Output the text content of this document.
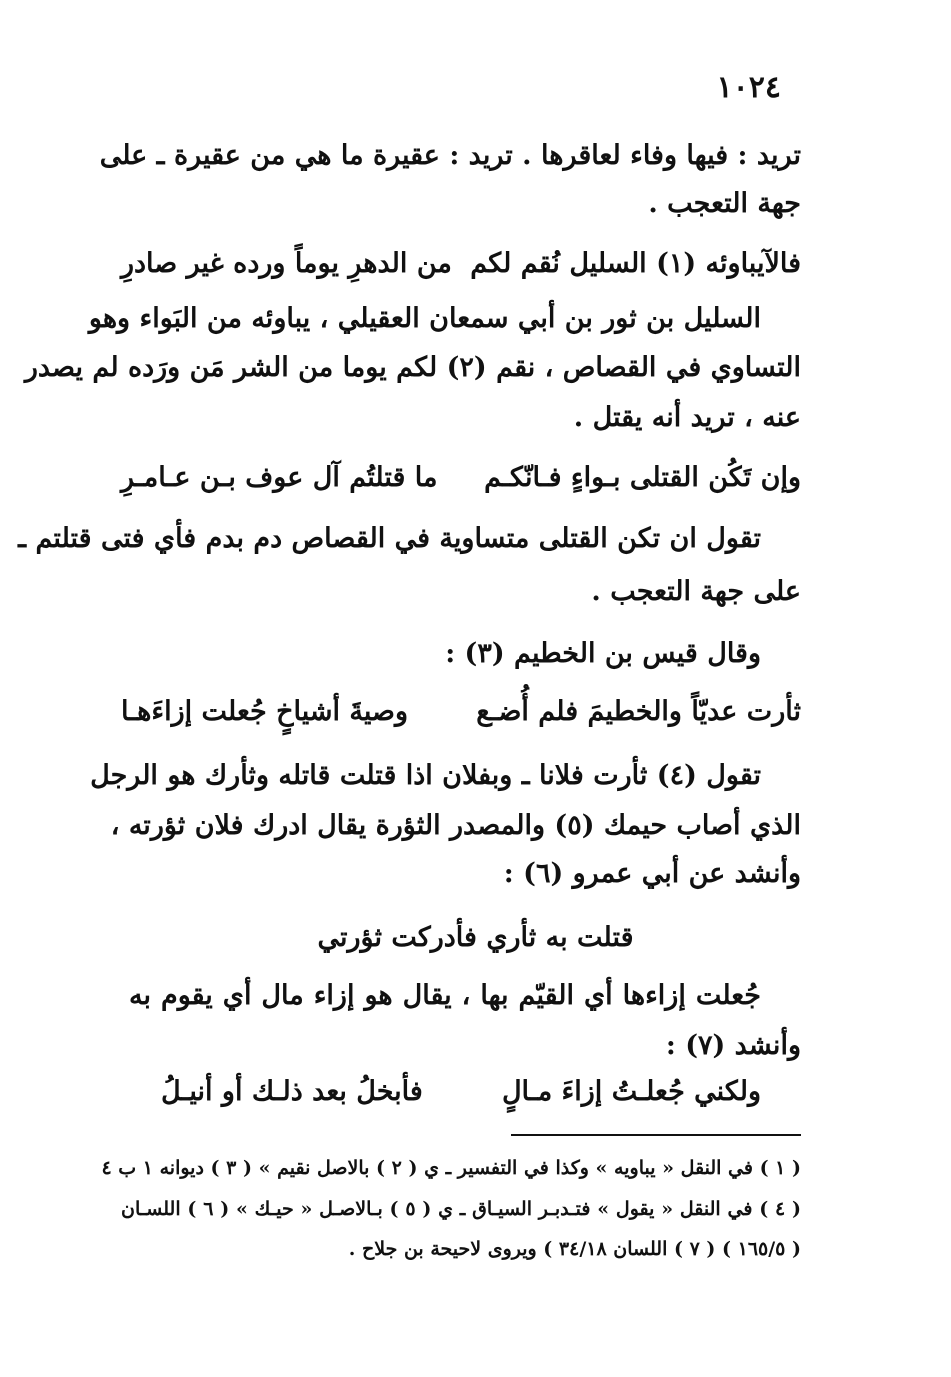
١٠٢٤
تريد : فيها وفاء لعاقرها . تريد : عقيرة ما هي من عقيرة ـ على
جهة التعجب .
فالآيباوئه (١) السليل نُقم لكم
من الدهرِ يوماً ورده غير صادرِ
السليل بن ثور بن أبي سمعان العقيلي ، يباوئه من البَواء وهو
التساوي في القصاص ، نقم (٢) لكم يوما من الشر مَن ورَده لم يصدر
عنه ، تريد أنه يقتل .
وإن تَكُن القتلى بـواءٍ فـانّكـم
ما قتلتُم آل عوف بـن عـامـرِ
تقول ان تكن القتلى متساوية في القصاص دم بدم فأي فتى قتلتم ـ
على جهة التعجب .
وقال قيس بن الخطيم (٣) :
ثأرت عديّاً والخطيمَ فلم أُضـع
وصيةَ أشياخٍ جُعلت إزاءَهـا
تقول (٤) ثأرت فلانا ـ وبفلان اذا قتلت قاتله وثأرك هو الرجل
الذي أصاب حيمك (٥) والمصدر الثؤرة يقال ادرك فلان ثؤرته ،
وأنشد عن أبي عمرو (٦) :
قتلت به ثأري فأدركت ثؤرتي
جُعلت إزاءها أي القيّم بها ، يقال هو إزاء مال أي يقوم به
وأنشد (٧) :
ولكني جُعلـتُ إزاءَ مـالٍ
فأبخلُ بعد ذلـك أو أنيـلُ
( ١ ) في النقل « يباويه » وكذا في التفسير ـ ي ( ٢ ) بالاصل نقيم » ( ٣ ) ديوانه ١ ب ٤
( ٤ ) في النقل « يقول » فتـدبـر السيـاق ـ ي ( ٥ ) بـالاصـل « حيـك » ( ٦ ) اللسـان
( ١٦٥/٥ ) ( ٧ ) اللسان ٣٤/١٨ ) ويروى لاحيحة بن جلاح .
